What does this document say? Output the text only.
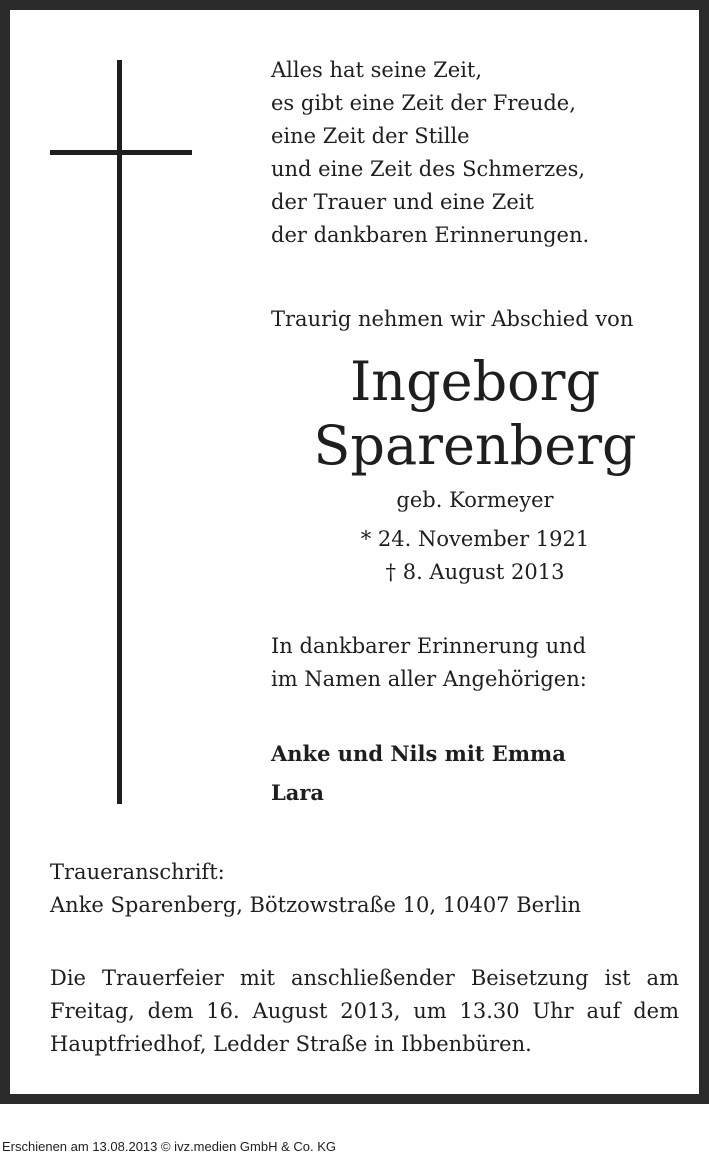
Alles hat seine Zeit,
es gibt eine Zeit der Freude,
eine Zeit der Stille
und eine Zeit des Schmerzes,
der Trauer und eine Zeit
der dankbaren Erinnerungen.
Traurig nehmen wir Abschied von
Ingeborg
Sparenberg
geb. Kormeyer
* 24. November 1921
† 8. August 2013
In dankbarer Erinnerung und
im Namen aller Angehörigen:
Anke und Nils mit Emma
Lara
Traueranschrift:
Anke Sparenberg, Bötzowstraße 10, 10407 Berlin
Die Trauerfeier mit anschließender Beisetzung ist am
Freitag, dem 16. August 2013, um 13.30 Uhr auf dem
Hauptfriedhof, Ledder Straße in Ibbenbüren.
Erschienen am 13.08.2013 © ivz.medien GmbH & Co. KG
